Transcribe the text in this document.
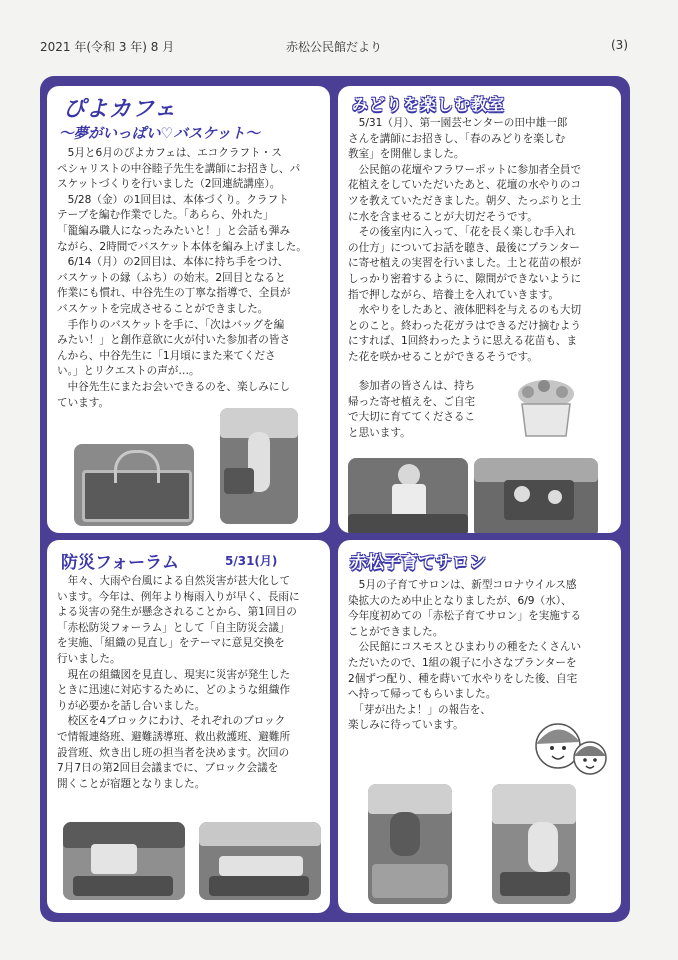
2021 年(令和 3 年) 8 月	赤松公民館だより	(3)
ぴよカフェ
～夢がいっぱい♡バスケット～
　5月と6月のぴよカフェは、エコクラフト・ス
ペシャリストの中谷睦子先生を講師にお招きし、パ
スケットづくりを行いました（2回連続講座）。
　5/28（金）の1回目は、本体づくり。クラフト
テープを編む作業でした。「あらら、外れた」
「籠編み職人になったみたいと！」と会話も弾み
ながら、2時間でバスケット本体を編み上げました。
　6/14（月）の2回目は、本体に持ち手をつけ、
バスケットの縁（ふち）の始末。2回目となると
作業にも慣れ、中谷先生の丁寧な指導で、全員が
バスケットを完成させることができました。
　手作りのバスケットを手に、「次はバッグを編
みたい！」と創作意欲に火が付いた参加者の皆さ
んから、中谷先生に「1月頃にまた来てくださ
い。」とリクエストの声が…。
　中谷先生にまたお会いできるのを、楽しみにし
ています。
みどりを楽しむ教室
　5/31（月）、第一園芸センターの田中雄一郎
さんを講師にお招きし、「春のみどりを楽しむ
教室」を開催しました。
　公民館の花壇やフラワーポットに参加者全員で
花植えをしていただいたあと、花壇の水やりのコ
ツを教えていただきました。朝夕、たっぷりと土
に水を含ませることが大切だそうです。
　その後室内に入って、「花を長く楽しむ手入れ
の仕方」についてお話を聴き、最後にプランター
に寄せ植えの実習を行いました。土と花苗の根が
しっかり密着するように、隙間ができないように
指で押しながら、培養土を入れていきます。
　水やりをしたあと、液体肥料を与えるのも大切
とのこと。終わった花ガラはできるだけ摘むよう
にすれば、1回終わったように思える花苗も、ま
た花を咲かせることができるそうです。
　参加者の皆さんは、持ち
帰った寄せ植えを、ご自宅
で大切に育ててくださるこ
と思います。
防災フォーラム	5/31(月)
　年々、大雨や台風による自然災害が甚大化して
います。今年は、例年より梅雨入りが早く、長雨に
よる災害の発生が懸念されることから、第1回目の
「赤松防災フォーラム」として「自主防災会議」
を実施、「組織の見直し」をテーマに意見交換を
行いました。
　現在の組織図を見直し、現実に災害が発生した
ときに迅速に対応するために、どのような組織作
りが必要かを話し合いました。
　校区を4ブロックにわけ、それぞれのブロック
で情報連絡班、避難誘導班、救出救護班、避難所
設営班、炊き出し班の担当者を決めます。次回の
7月7日の第2回目会議までに、ブロック会議を
開くことが宿題となりました。
赤松子育てサロン
　5月の子育てサロンは、新型コロナウイルス感
染拡大のため中止となりましたが、6/9（水）、
今年度初めての「赤松子育てサロン」を実施する
ことができました。
　公民館にコスモスとひまわりの種をたくさんい
ただいたので、1組の親子に小さなプランターを
2個ずつ配り、種を蒔いて水やりをした後、自宅
へ持って帰ってもらいました。
　「芽が出たよ！」の報告を、
楽しみに待っています。
